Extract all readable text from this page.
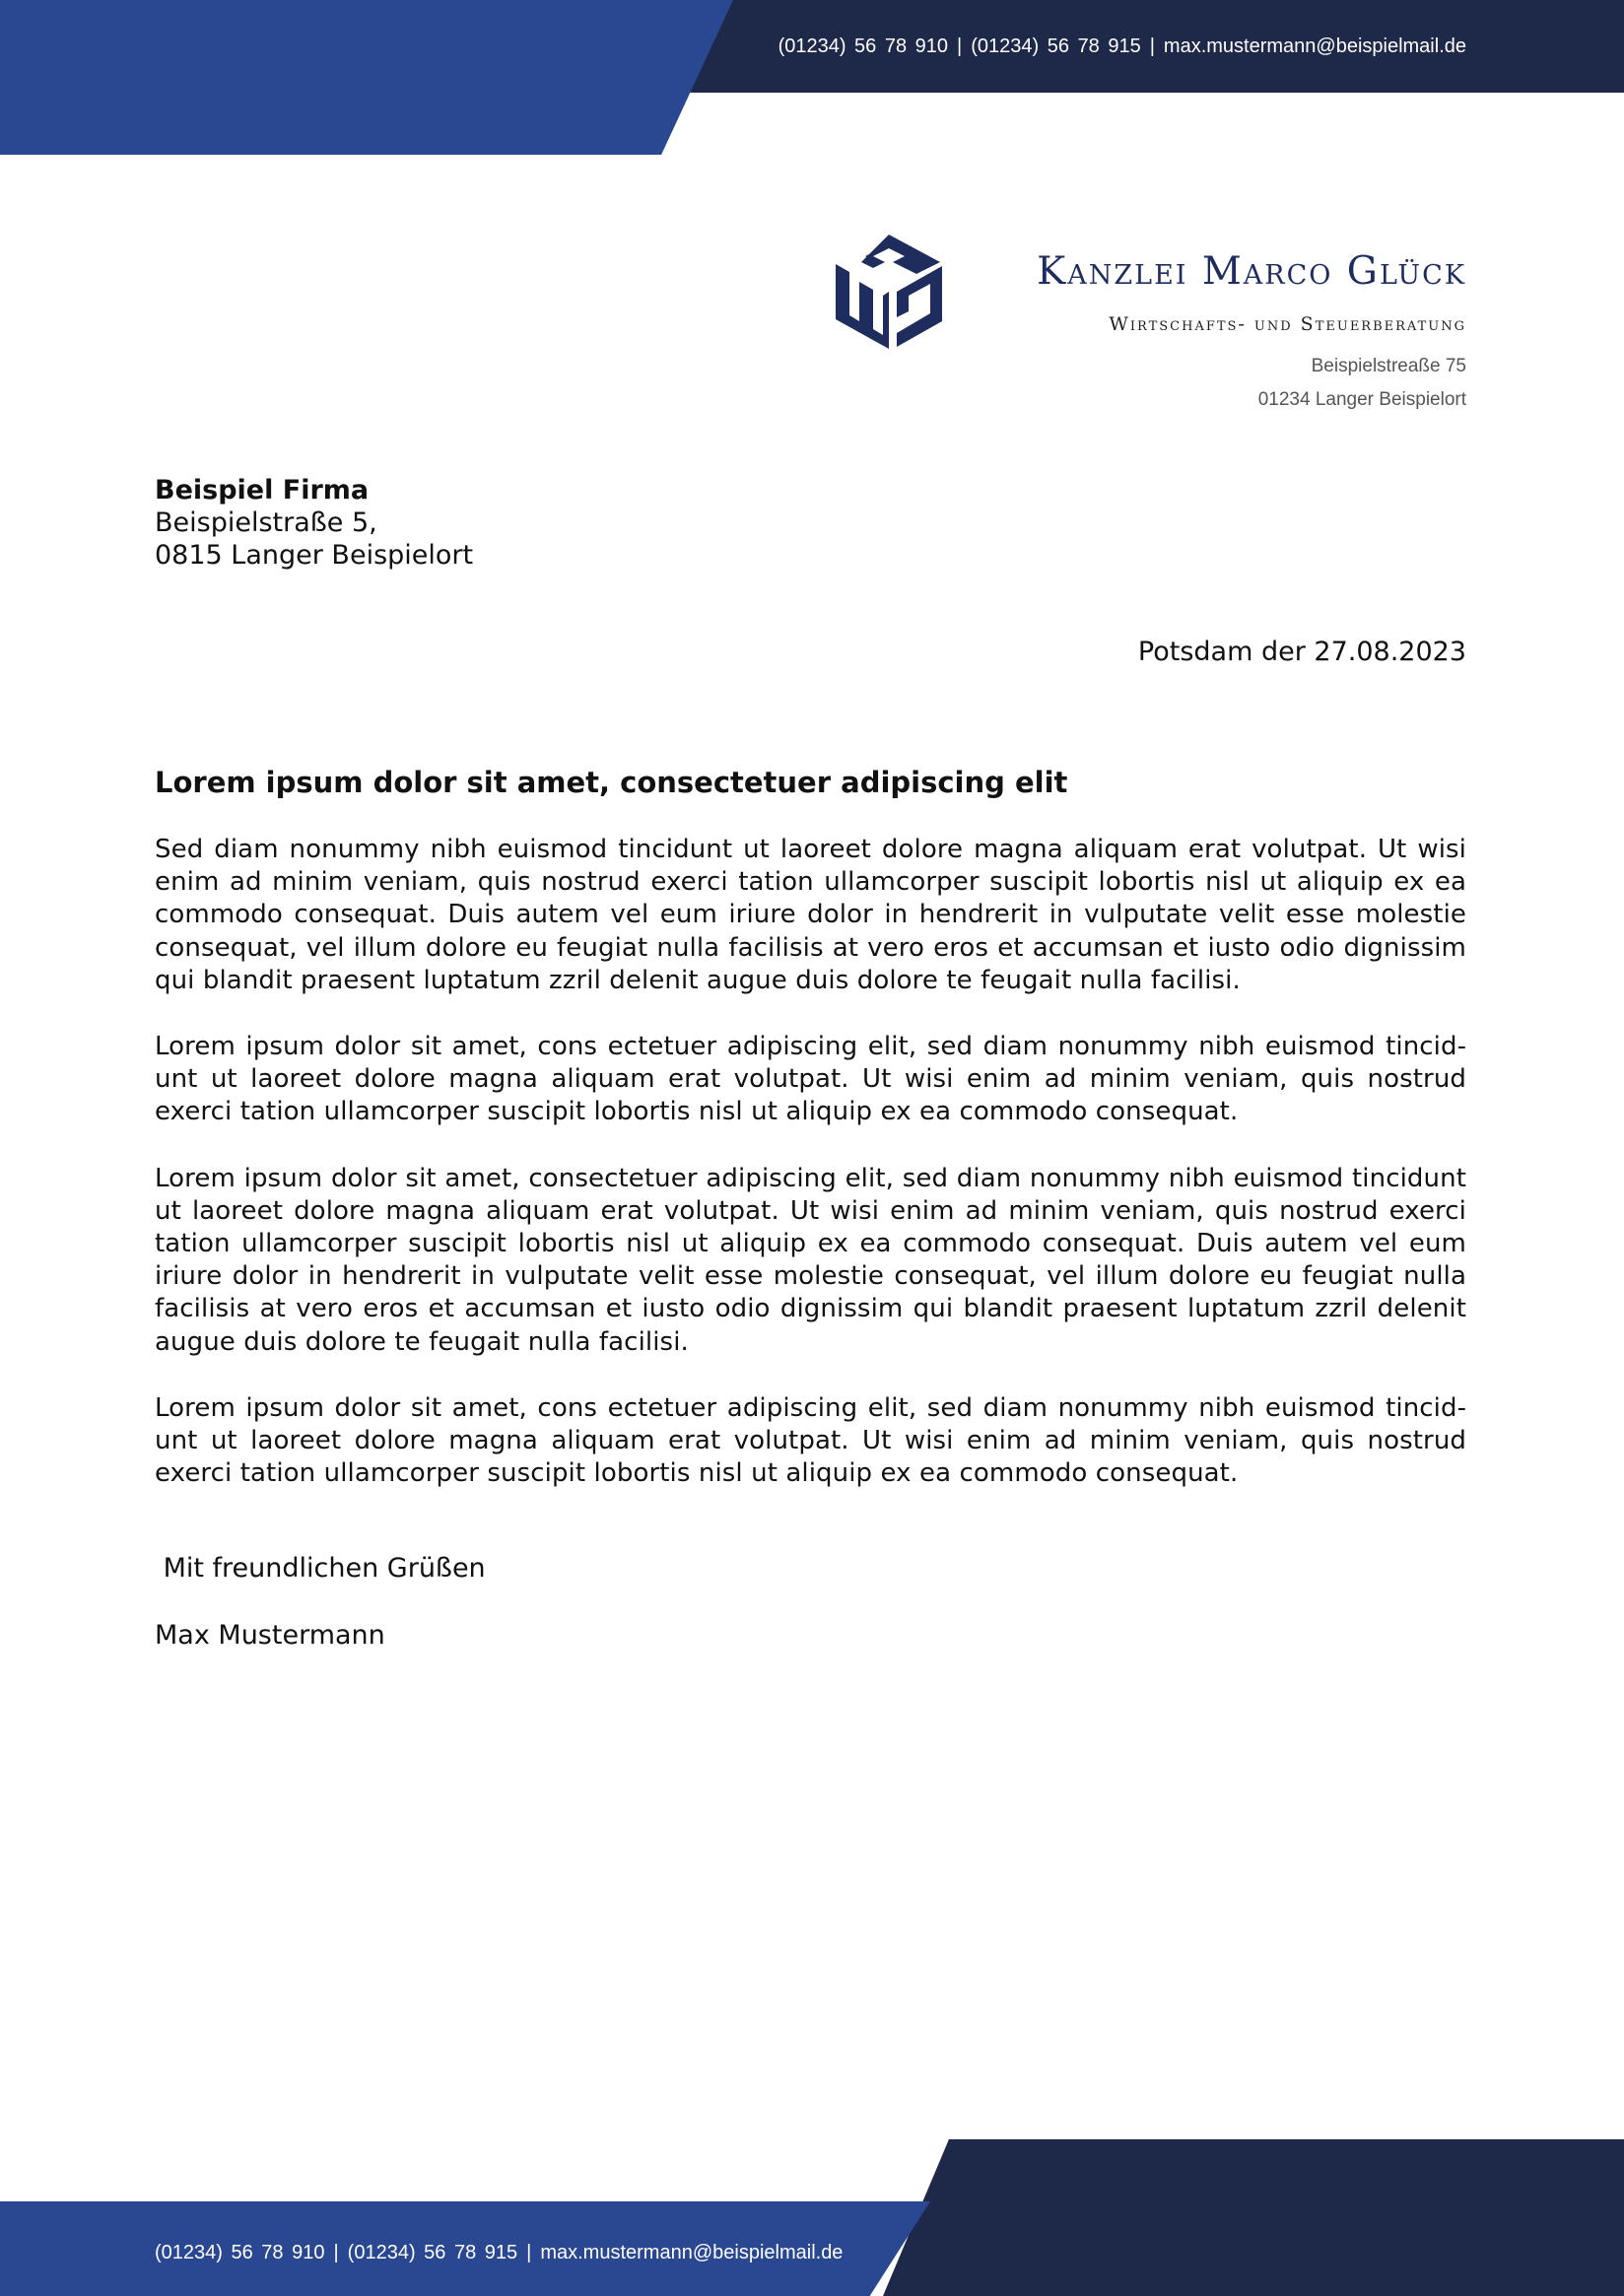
(01234) 56 78 910 | (01234) 56 78 915 | max.mustermann@beispielmail.de
Kanzlei Marco Glück
Wirtschafts- und Steuerberatung
Beispielstreaße 75
01234 Langer Beispielort
Beispiel Firma
Beispielstraße 5,
0815 Langer Beispielort
Potsdam der 27.08.2023
Lorem ipsum dolor sit amet, consectetuer adipiscing elit

Sed diam nonummy nibh euismod tincidunt ut laoreet dolore magna aliquam erat volutpat. Ut wisi enim ad minim veniam, quis nostrud exerci tation ullamcorper suscipit lobortis nisl ut aliquip ex ea commodo consequat. Duis autem vel eum iriure dolor in hendrerit in vulputate velit esse molestie consequat, vel illum dolore eu feugiat nulla facilisis at vero eros et accumsan et iusto odio dignissim qui blandit praesent luptatum zzril delenit augue duis dolore te feugait nulla facilisi.

Lorem ipsum dolor sit amet, cons ectetuer adipiscing elit, sed diam nonummy nibh euismod tincidunt ut laoreet dolore magna aliquam erat volutpat. Ut wisi enim ad minim veniam, quis nostrud exerci tation ullamcorper suscipit lobortis nisl ut aliquip ex ea commodo consequat.

Lorem ipsum dolor sit amet, consectetuer adipiscing elit, sed diam nonummy nibh euismod tincidunt ut laoreet dolore magna aliquam erat volutpat. Ut wisi enim ad minim veniam, quis nostrud exerci tation ullamcorper suscipit lobortis nisl ut aliquip ex ea commodo consequat. Duis autem vel eum iriure dolor in hendrerit in vulputate velit esse molestie consequat, vel illum dolore eu feugiat nulla facilisis at vero eros et accumsan et iusto odio dignissim qui blandit praesent luptatum zzril delenit augue duis dolore te feugait nulla facilisi.

Lorem ipsum dolor sit amet, cons ectetuer adipiscing elit, sed diam nonummy nibh euismod tincidunt ut laoreet dolore magna aliquam erat volutpat. Ut wisi enim ad minim veniam, quis nostrud exerci tation ullamcorper suscipit lobortis nisl ut aliquip ex ea commodo consequat.

Mit freundlichen Grüßen
Max Mustermann
(01234) 56 78 910 | (01234) 56 78 915 | max.mustermann@beispielmail.de
